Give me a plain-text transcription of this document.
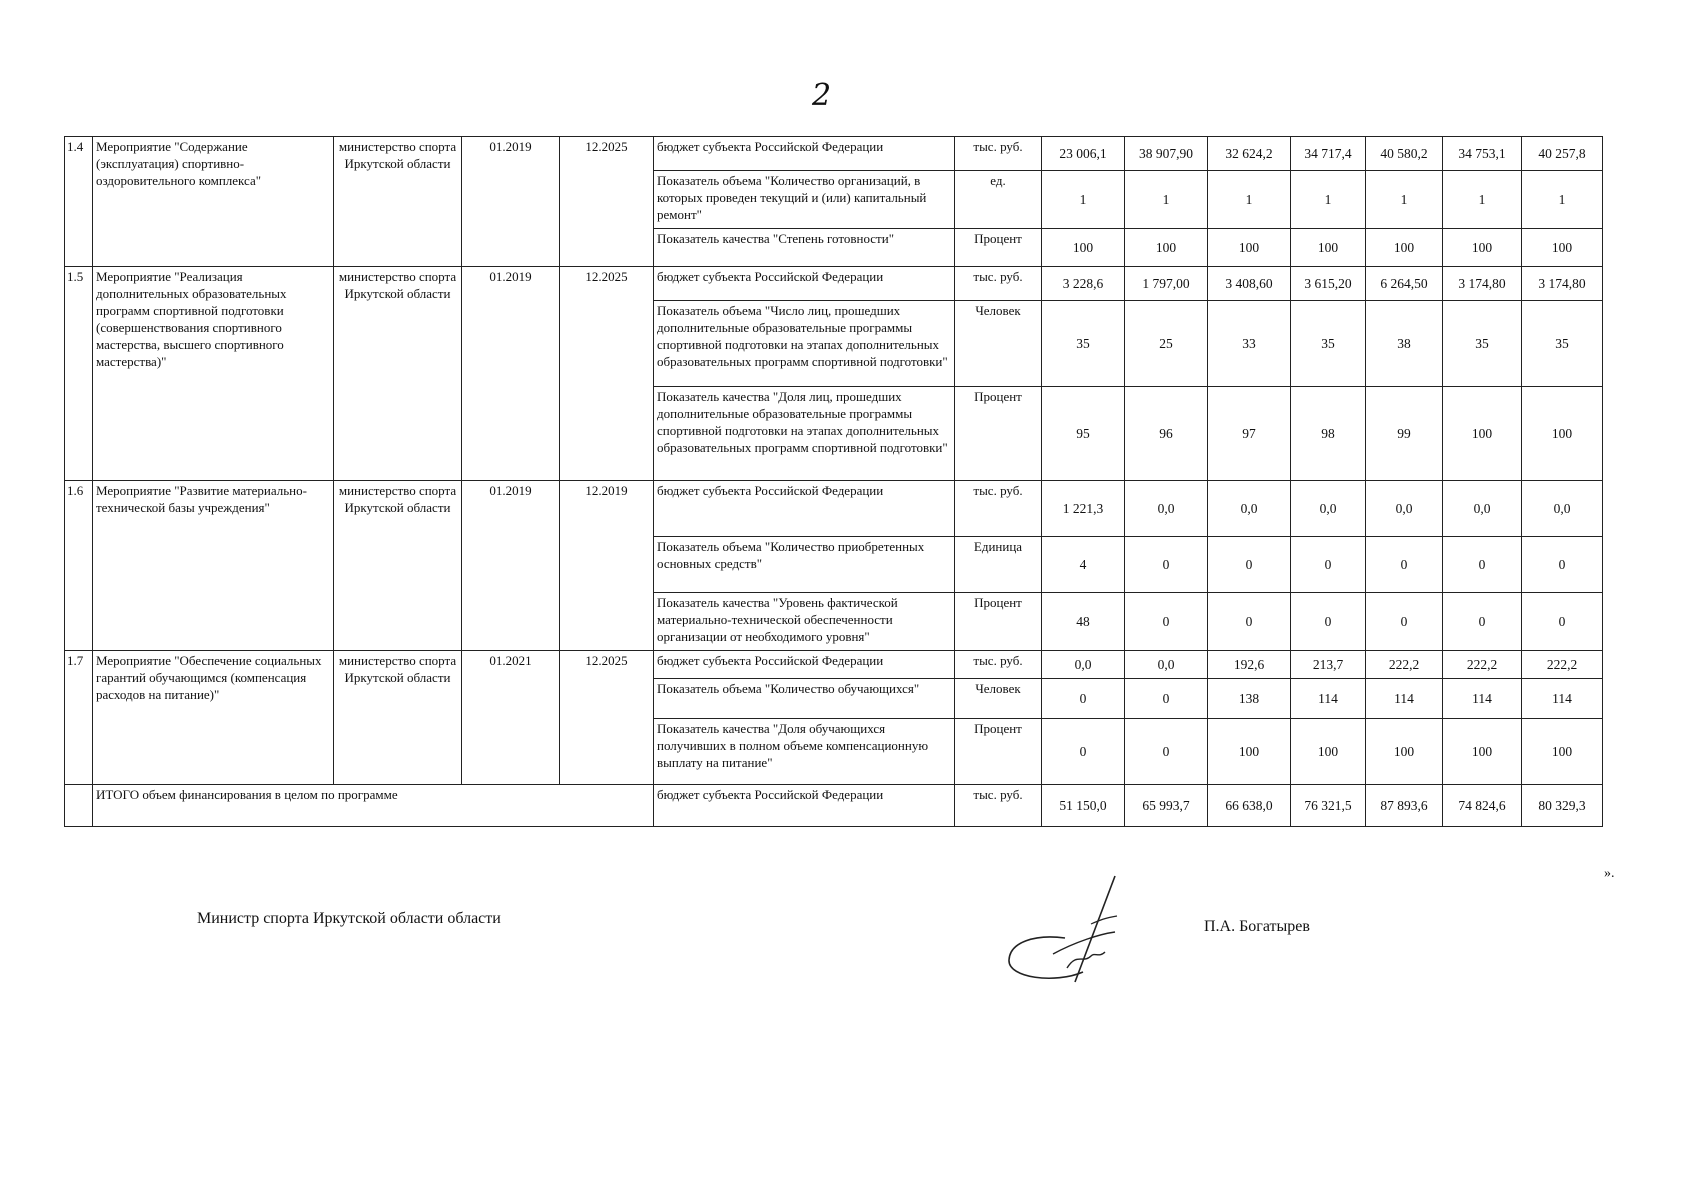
2
1.4	Мероприятие "Содержание (эксплуатация) спортивно-оздоровительного комплекса"	министерство спорта Иркутской области	01.2019	12.2025	бюджет субъекта Российской Федерации	тыс. руб.	23 006,1	38 907,90	32 624,2	34 717,4	40 580,2	34 753,1	40 257,8
					Показатель объема "Количество организаций, в которых проведен текущий и (или) капитальный ремонт"	ед.	1	1	1	1	1	1	1
					Показатель качества "Степень готовности"	Процент	100	100	100	100	100	100	100
1.5	Мероприятие "Реализация дополнительных образовательных программ спортивной подготовки (совершенствования спортивного мастерства, высшего спортивного мастерства)"	министерство спорта Иркутской области	01.2019	12.2025	бюджет субъекта Российской Федерации	тыс. руб.	3 228,6	1 797,00	3 408,60	3 615,20	6 264,50	3 174,80	3 174,80
					Показатель объема "Число лиц, прошедших дополнительные образовательные программы спортивной подготовки на этапах дополнительных образовательных программ спортивной подготовки"	Человек	35	25	33	35	38	35	35
					Показатель качества "Доля лиц, прошедших дополнительные образовательные программы спортивной подготовки на этапах дополнительных образовательных программ спортивной подготовки"	Процент	95	96	97	98	99	100	100
1.6	Мероприятие "Развитие материально-технической базы учреждения"	министерство спорта Иркутской области	01.2019	12.2019	бюджет субъекта Российской Федерации	тыс. руб.	1 221,3	0,0	0,0	0,0	0,0	0,0	0,0
					Показатель объема "Количество приобретенных основных средств"	Единица	4	0	0	0	0	0	0
					Показатель качества "Уровень фактической материально-технической обеспеченности организации от необходимого уровня"	Процент	48	0	0	0	0	0	0
1.7	Мероприятие "Обеспечение социальных гарантий обучающимся (компенсация расходов на питание)"	министерство спорта Иркутской области	01.2021	12.2025	бюджет субъекта Российской Федерации	тыс. руб.	0,0	0,0	192,6	213,7	222,2	222,2	222,2
					Показатель объема "Количество обучающихся"	Человек	0	0	138	114	114	114	114
					Показатель качества "Доля обучающихся получивших в полном объеме компенсационную выплату на питание"	Процент	0	0	100	100	100	100	100
	ИТОГО объем финансирования в целом по программе				бюджет субъекта Российской Федерации	тыс. руб.	51 150,0	65 993,7	66 638,0	76 321,5	87 893,6	74 824,6	80 329,3
».
Министр спорта Иркутской области области	П.А. Богатырев
